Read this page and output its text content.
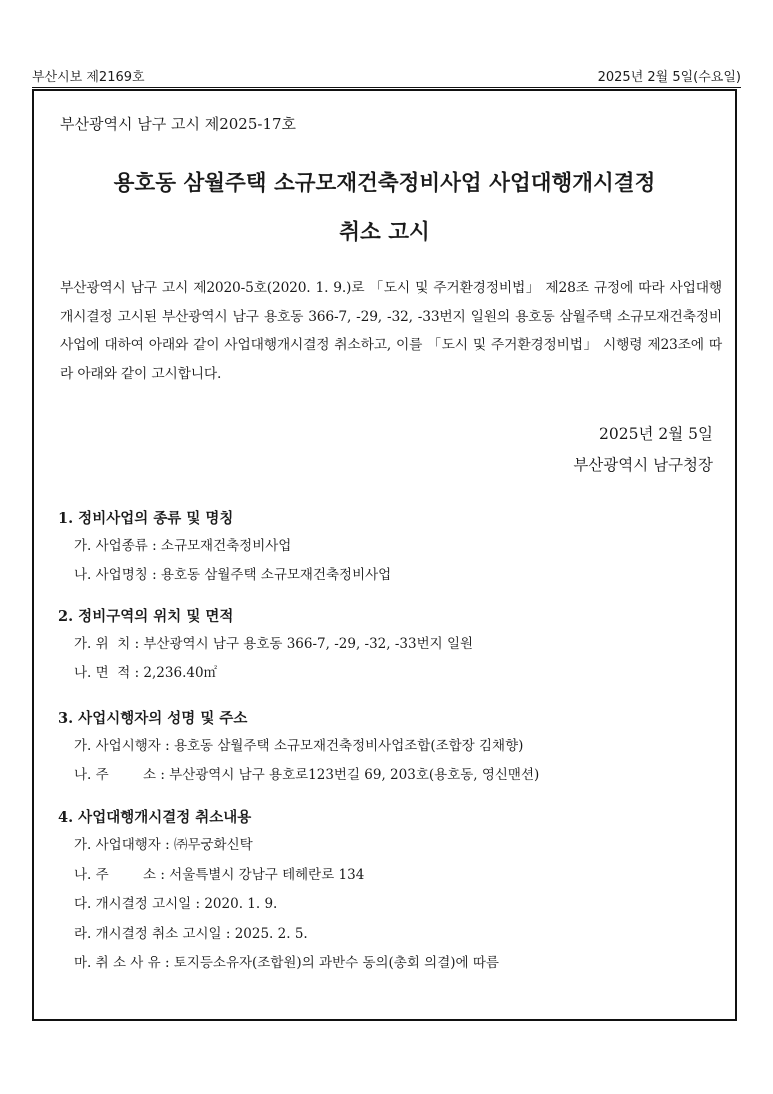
부산시보 제2169호	2025년 2월 5일(수요일)
부산광역시 남구 고시 제2025-17호
용호동 삼월주택 소규모재건축정비사업 사업대행개시결정
취소 고시

부산광역시 남구 고시 제2020-5호(2020. 1. 9.)로 「도시 및 주거환경정비법」 제28조 규정에 따라 사업대행개시결정 고시된 부산광역시 남구 용호동 366-7, -29, -32, -33번지 일원의 용호동 삼월주택 소규모재건축정비사업에 대하여 아래와 같이 사업대행개시결정 취소하고, 이를 「도시 및 주거환경정비법」 시행령 제23조에 따라 아래와 같이 고시합니다.

2025년 2월 5일
부산광역시 남구청장

1. 정비사업의 종류 및 명칭

가. 사업종류 : 소규모재건축정비사업

나. 사업명칭 : 용호동 삼월주택 소규모재건축정비사업

2. 정비구역의 위치 및 면적

가. 위  치 : 부산광역시 남구 용호동 366-7, -29, -32, -33번지 일원

나. 면  적 : 2,236.40㎡

3. 사업시행자의 성명 및 주소

가. 사업시행자 : 용호동 삼월주택 소규모재건축정비사업조합(조합장 김채향)

나. 주        소 : 부산광역시 남구 용호로123번길 69, 203호(용호동, 영신맨션)

4. 사업대행개시결정 취소내용

가. 사업대행자 : ㈜무궁화신탁

나. 주        소 : 서울특별시 강남구 테헤란로 134

다. 개시결정 고시일 : 2020. 1. 9.

라. 개시결정 취소 고시일 : 2025. 2. 5.

마. 취 소 사 유 : 토지등소유자(조합원)의 과반수 동의(총회 의결)에 따름
